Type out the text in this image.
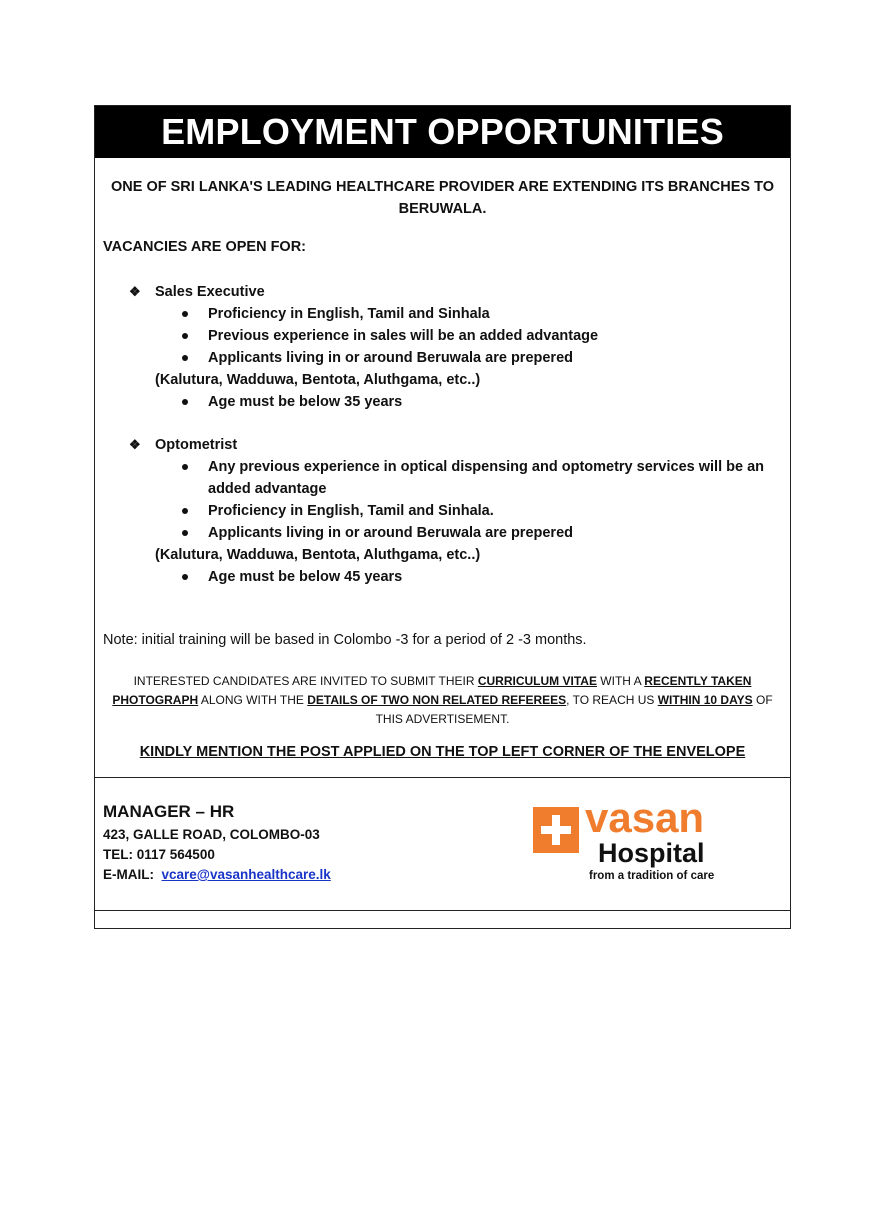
EMPLOYMENT OPPORTUNITIES
ONE OF SRI LANKA'S LEADING HEALTHCARE PROVIDER ARE EXTENDING ITS BRANCHES TO BERUWALA.
VACANCIES ARE OPEN FOR:
❖ Sales Executive
Proficiency in English, Tamil and Sinhala
Previous experience in sales will be an added advantage
Applicants living in or around Beruwala are prepered
(Kalutura, Wadduwa, Bentota, Aluthgama, etc..)
Age must be below 35 years
❖ Optometrist
Any previous experience in optical dispensing and optometry services will be an added advantage
Proficiency in English, Tamil and Sinhala.
Applicants living in or around Beruwala are prepered
(Kalutura, Wadduwa, Bentota, Aluthgama, etc..)
Age must be below 45 years
Note: initial training will be based in Colombo -3 for a period of 2 -3 months.
INTERESTED CANDIDATES ARE INVITED TO SUBMIT THEIR CURRICULUM VITAE WITH A RECENTLY TAKEN PHOTOGRAPH ALONG WITH THE DETAILS OF TWO NON RELATED REFEREES, TO REACH US WITHIN 10 DAYS OF THIS ADVERTISEMENT.
KINDLY MENTION THE POST APPLIED ON THE TOP LEFT CORNER OF THE ENVELOPE
MANAGER – HR
423, GALLE ROAD, COLOMBO-03
TEL: 0117 564500
E-MAIL: vcare@vasanhealthcare.lk
vasan
Hospital
from a tradition of care
